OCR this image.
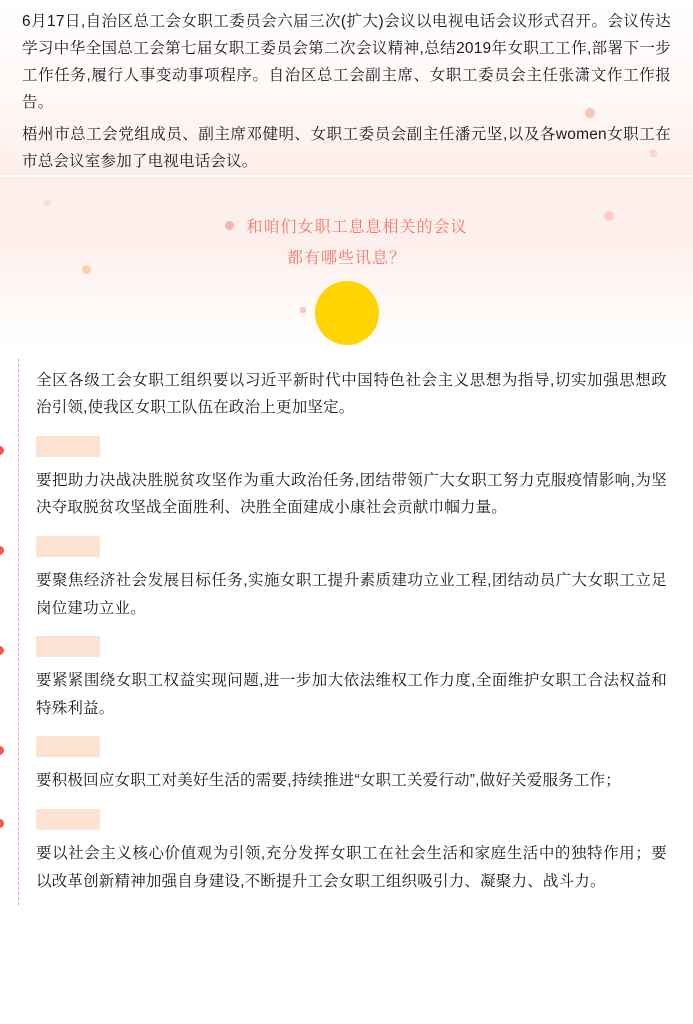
6月17日,自治区总工会女职工委员会六届三次(扩大)会议以电视电话会议形式召开。会议传达学习中华全国总工会第七届女职工委员会第二次会议精神,总结2019年女职工工作,部署下一步工作任务,履行人事变动事项程序。自治区总工会副主席、女职工委员会主任张潇文作工作报告。

梧州市总工会党组成员、副主席邓健明、女职工委员会副主任潘元坚,以及各women女职工在市总会议室参加了电视电话会议。

和咱们女职工息息相关的会议
都有哪些讯息？

全区各级工会女职工组织要以习近平新时代中国特色社会主义思想为指导,切实加强思想政治引领,使我区女职工队伍在政治上更加坚定。

要把助力决战决胜脱贫攻坚作为重大政治任务,团结带领广大女职工努力克服疫情影响,为坚决夺取脱贫攻坚战全面胜利、决胜全面建成小康社会贡献巾帼力量。

要聚焦经济社会发展目标任务,实施女职工提升素质建功立业工程,团结动员广大女职工立足岗位建功立业。

要紧紧围绕女职工权益实现问题,进一步加大依法维权工作力度,全面维护女职工合法权益和特殊利益。

要积极回应女职工对美好生活的需要,持续推进“女职工关爱行动”,做好关爱服务工作；

要以社会主义核心价值观为引领,充分发挥女职工在社会生活和家庭生活中的独特作用；要以改革创新精神加强自身建设,不断提升工会女职工组织吸引力、凝聚力、战斗力。
